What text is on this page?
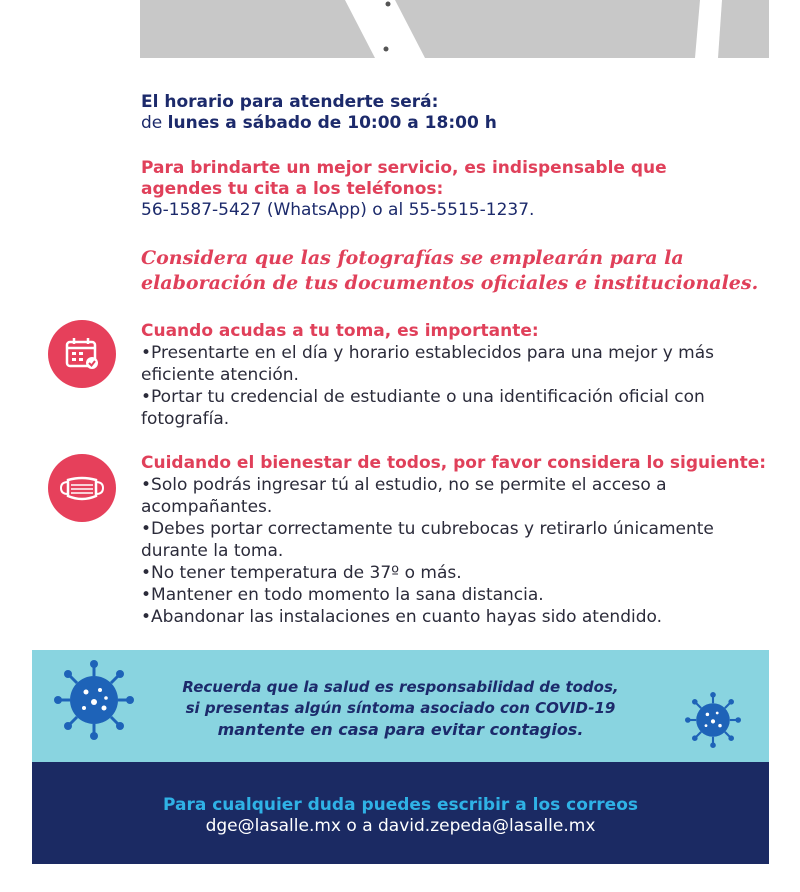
El horario para atenderte será:
de lunes a sábado de 10:00 a 18:00 h
Para brindarte un mejor servicio, es indispensable que
agendes tu cita a los teléfonos:
56-1587-5427 (WhatsApp) o al 55-5515-1237.
Considera que las fotografías se emplearán para la
elaboración de tus documentos oficiales e institucionales.
Cuando acudas a tu toma, es importante:
•Presentarte en el día y horario establecidos para una mejor y más
eficiente atención.
•Portar tu credencial de estudiante o una identificación oficial con
fotografía.
Cuidando el bienestar de todos, por favor considera lo siguiente:
•Solo podrás ingresar tú al estudio, no se permite el acceso a
acompañantes.
•Debes portar correctamente tu cubrebocas y retirarlo únicamente
durante la toma.
•No tener temperatura de 37º o más.
•Mantener en todo momento la sana distancia.
•Abandonar las instalaciones en cuanto hayas sido atendido.
Recuerda que la salud es responsabilidad de todos,
si presentas algún síntoma asociado con COVID-19
mantente en casa para evitar contagios.
Para cualquier duda puedes escribir a los correos
dge@lasalle.mx o a david.zepeda@lasalle.mx
